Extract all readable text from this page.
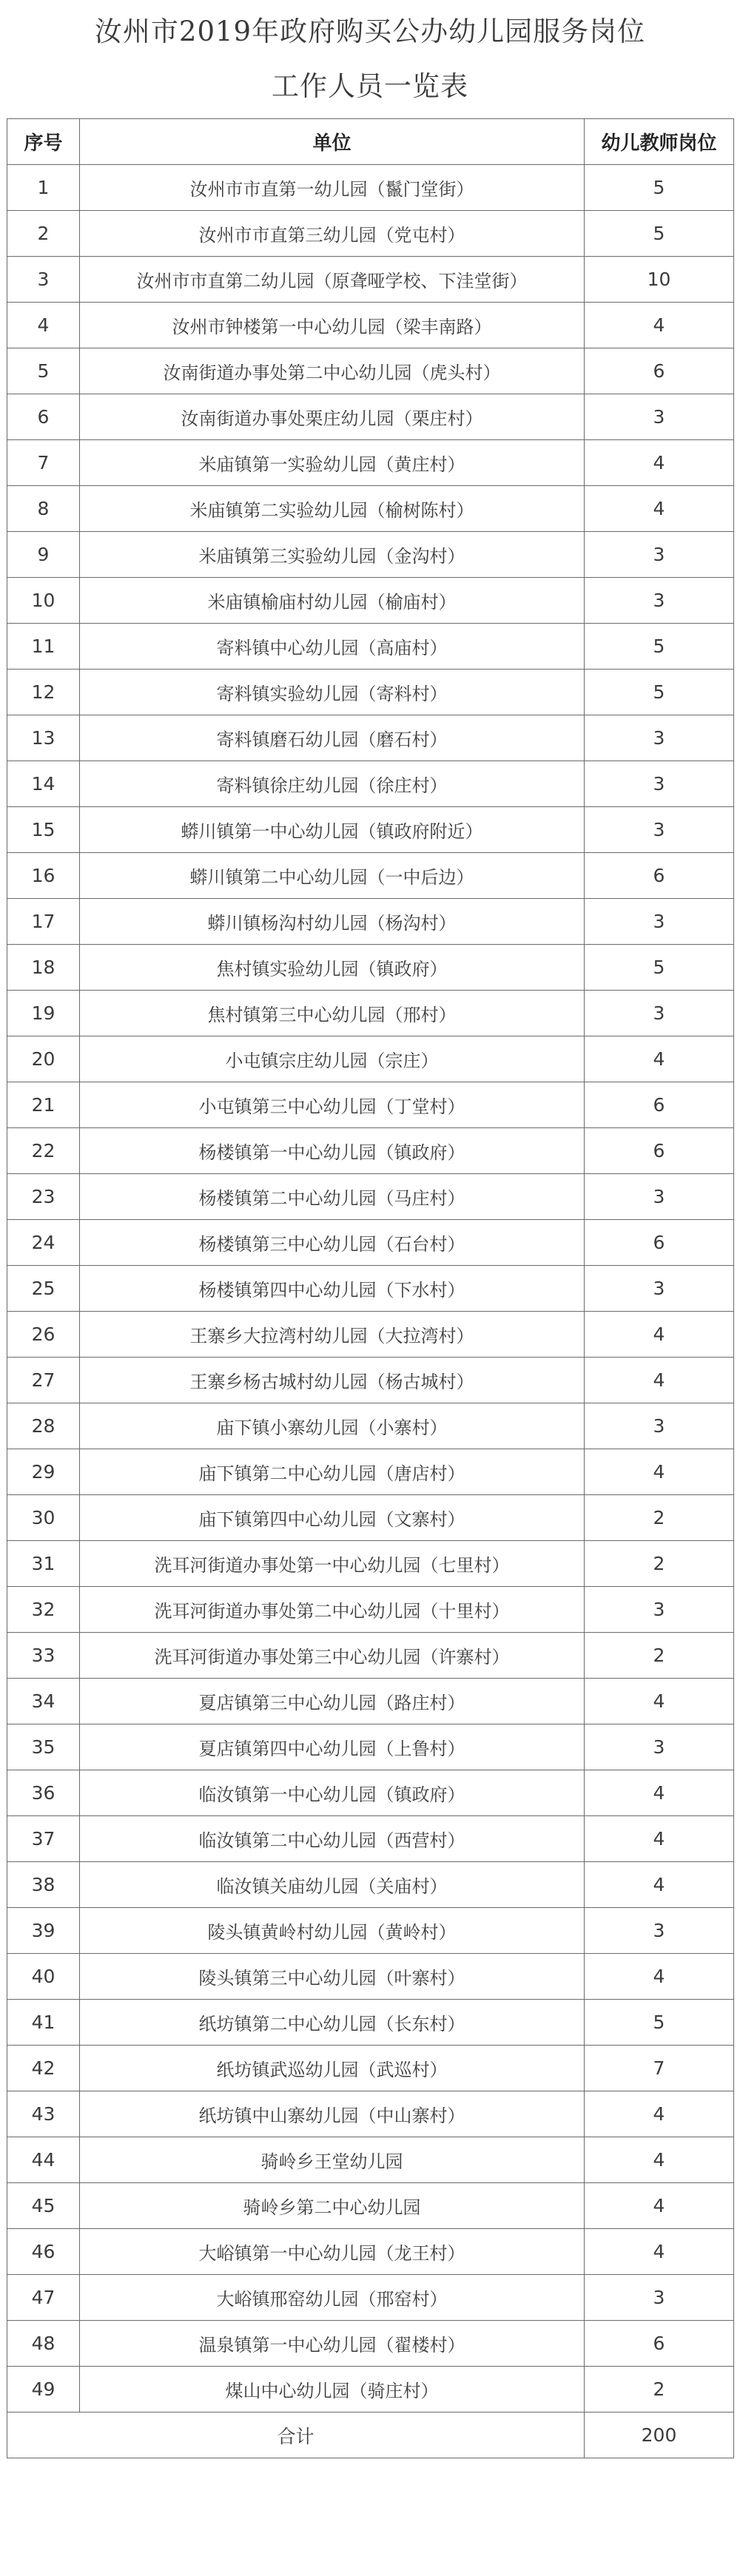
汝州市2019年政府购买公办幼儿园服务岗位
工作人员一览表
序号	单位	幼儿教师岗位
1	汝州市市直第一幼儿园（鬣门堂街）	5
2	汝州市市直第三幼儿园（党屯村）	5
3	汝州市市直第二幼儿园（原聋哑学校、下洼堂街）	10
4	汝州市钟楼第一中心幼儿园（梁丰南路）	4
5	汝南街道办事处第二中心幼儿园（虎头村）	6
6	汝南街道办事处栗庄幼儿园（栗庄村）	3
7	米庙镇第一实验幼儿园（黄庄村）	4
8	米庙镇第二实验幼儿园（榆树陈村）	4
9	米庙镇第三实验幼儿园（金沟村）	3
10	米庙镇榆庙村幼儿园（榆庙村）	3
11	寄料镇中心幼儿园（高庙村）	5
12	寄料镇实验幼儿园（寄料村）	5
13	寄料镇磨石幼儿园（磨石村）	3
14	寄料镇徐庄幼儿园（徐庄村）	3
15	蟒川镇第一中心幼儿园（镇政府附近）	3
16	蟒川镇第二中心幼儿园（一中后边）	6
17	蟒川镇杨沟村幼儿园（杨沟村）	3
18	焦村镇实验幼儿园（镇政府）	5
19	焦村镇第三中心幼儿园（邢村）	3
20	小屯镇宗庄幼儿园（宗庄）	4
21	小屯镇第三中心幼儿园（丁堂村）	6
22	杨楼镇第一中心幼儿园（镇政府）	6
23	杨楼镇第二中心幼儿园（马庄村）	3
24	杨楼镇第三中心幼儿园（石台村）	6
25	杨楼镇第四中心幼儿园（下水村）	3
26	王寨乡大拉湾村幼儿园（大拉湾村）	4
27	王寨乡杨古城村幼儿园（杨古城村）	4
28	庙下镇小寨幼儿园（小寨村）	3
29	庙下镇第二中心幼儿园（唐店村）	4
30	庙下镇第四中心幼儿园（文寨村）	2
31	洗耳河街道办事处第一中心幼儿园（七里村）	2
32	洗耳河街道办事处第二中心幼儿园（十里村）	3
33	洗耳河街道办事处第三中心幼儿园（许寨村）	2
34	夏店镇第三中心幼儿园（路庄村）	4
35	夏店镇第四中心幼儿园（上鲁村）	3
36	临汝镇第一中心幼儿园（镇政府）	4
37	临汝镇第二中心幼儿园（西营村）	4
38	临汝镇关庙幼儿园（关庙村）	4
39	陵头镇黄岭村幼儿园（黄岭村）	3
40	陵头镇第三中心幼儿园（叶寨村）	4
41	纸坊镇第二中心幼儿园（长东村）	5
42	纸坊镇武巡幼儿园（武巡村）	7
43	纸坊镇中山寨幼儿园（中山寨村）	4
44	骑岭乡王堂幼儿园	4
45	骑岭乡第二中心幼儿园	4
46	大峪镇第一中心幼儿园（龙王村）	4
47	大峪镇邢窑幼儿园（邢窑村）	3
48	温泉镇第一中心幼儿园（翟楼村）	6
49	煤山中心幼儿园（骑庄村）	2
合计		200
